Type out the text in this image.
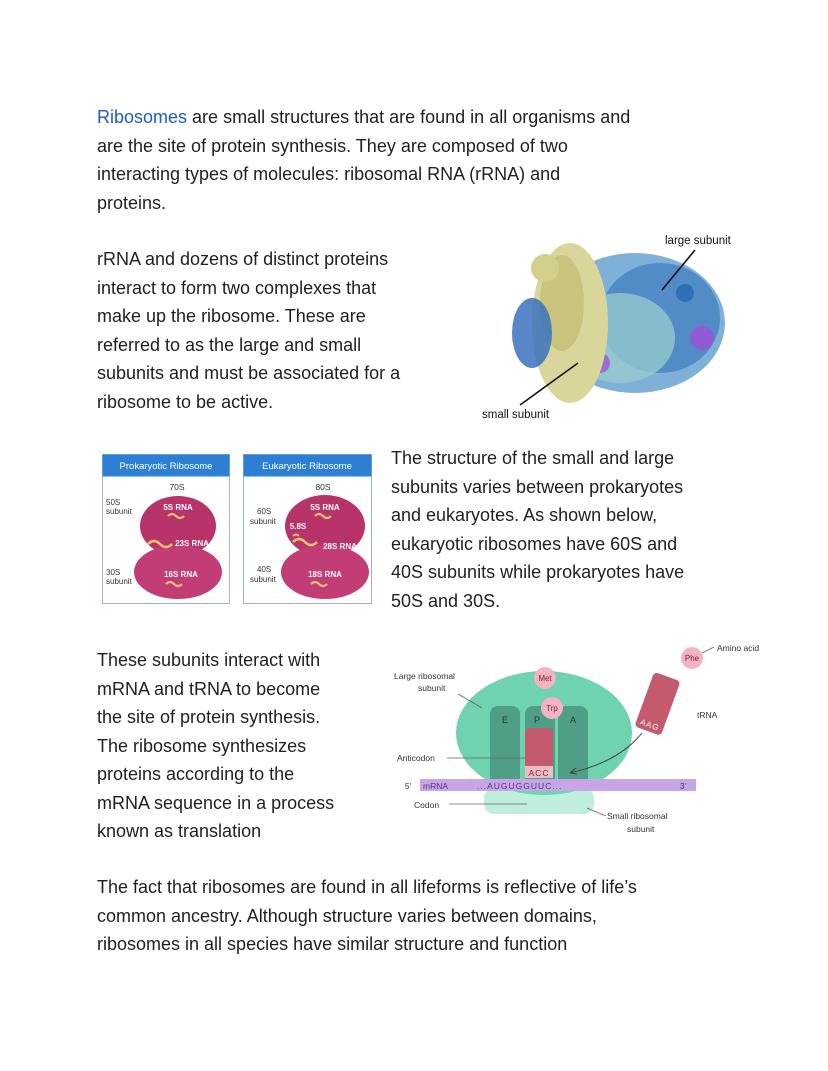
Ribosomes are small structures that are found in all organisms and
are the site of protein synthesis. They are composed of two
interacting types of molecules: ribosomal RNA (rRNA) and
proteins.

rRNA and dozens of distinct proteins
interact to form two complexes that
make up the ribosome. These are
referred to as the large and small
subunits and must be associated for a
ribosome to be active.

large subunit
small subunit
Prokaryotic Ribosome
70S
50S
subunit
30S
subunit
5S RNA
23S RNA
16S RNA
Eukaryotic Ribosome
80S
60S
subunit
40S
subunit
5S RNA
5.8S
28S RNA
18S RNA

The structure of the small and large
subunits varies between prokaryotes
and eukaryotes. As shown below,
eukaryotic ribosomes have 60S and
40S subunits while prokaryotes have
50S and 30S.

These subunits interact with
mRNA and tRNA to become
the site of protein synthesis.
The ribosome synthesizes
proteins according to the
mRNA sequence in a process
known as translation

E	P	A
ACC
Met
Trp
AAG
Phe
Amino acid
tRNA
5' mRNA	...AUGUGGUUC...	3'
Large ribosomal
subunit
Anticodon
Codon
Small ribosomal
subunit

The fact that ribosomes are found in all lifeforms is reflective of life’s
common ancestry. Although structure varies between domains,
ribosomes in all species have similar structure and function
